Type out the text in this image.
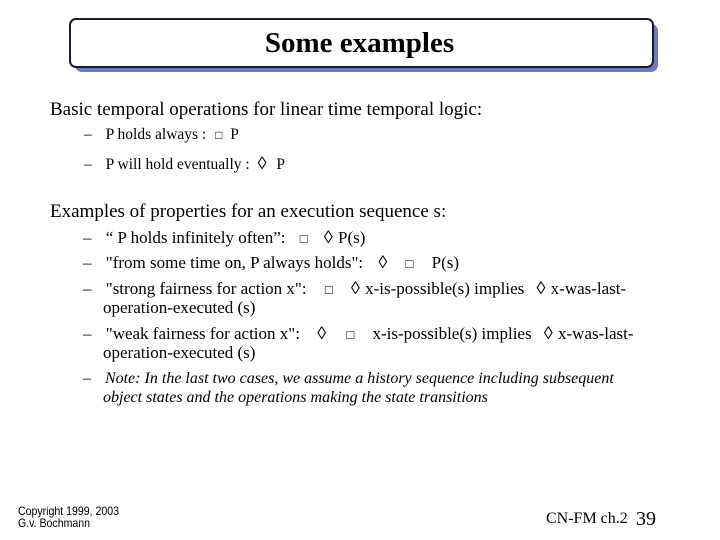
Some examples
Basic temporal operations for linear time temporal logic:
– P holds always : □ P
– P will hold eventually : ◊ P
Examples of properties for an execution sequence s:
– “ P holds infinitely often”: □ ◊ P(s)
– "from some time on, P always holds": ◊ □ P(s)
– "strong fairness for action x": □ ◊ x-is-possible(s) implies ◊ x-was-last-
operation-executed (s)
– "weak fairness for action x": ◊ □ x-is-possible(s) implies ◊ x-was-last-
operation-executed (s)
– Note: In the last two cases, we assume a history sequence including subsequent
object states and the operations making the state transitions
Copyright 1999, 2003
G.v. Bochmann	CN-FM ch.2 39
